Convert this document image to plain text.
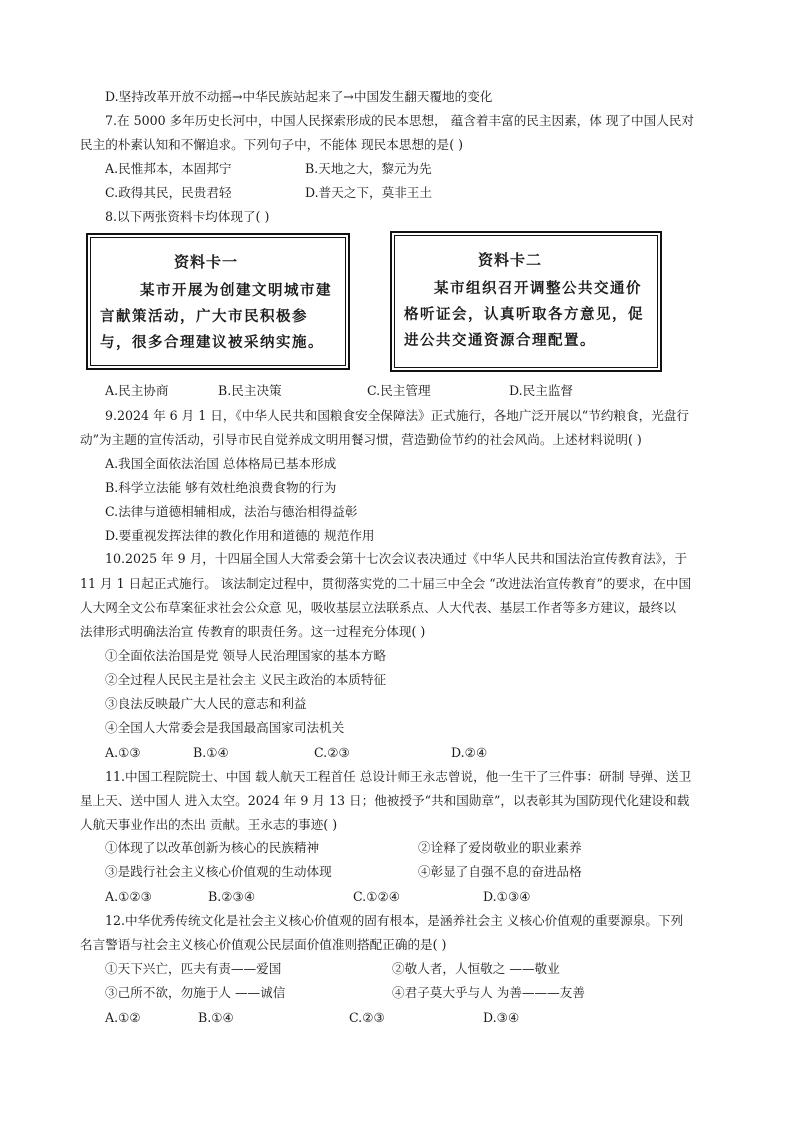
D.坚持改革开放不动摇→中华民族站起来了→中国发生翻天覆地的变化
7.在 5000 多年历史长河中，中国人民探索形成的民本思想， 蕴含着丰富的民主因素，体 现了中国人民对
民主的朴素认知和不懈追求。下列句子中，不能体 现民本思想的是( )
A.民惟邦本，本固邦宁	B.天地之大，黎元为先
C.政得其民，民贵君轻	D.普天之下，莫非王土
8.以下两张资料卡均体现了( )
资料卡一
某市开展为创建文明城市建
言献策活动，广大市民积极参
与，很多合理建议被采纳实施。
资料卡二
某市组织召开调整公共交通价
格听证会，认真听取各方意见，促
进公共交通资源合理配置。
A.民主协商	B.民主决策	C.民主管理	D.民主监督
9.2024 年 6 月 1 日，《中华人民共和国粮食安全保障法》正式施行，各地广泛开展以“节约粮食，光盘行
动”为主题的宣传活动，引导市民自觉养成文明用餐习惯，营造勤俭节约的社会风尚。上述材料说明( )
A.我国全面依法治国 总体格局已基本形成
B.科学立法能 够有效杜绝浪费食物的行为
C.法律与道德相辅相成，法治与德治相得益彰
D.要重视发挥法律的教化作用和道德的 规范作用
10.2025 年 9 月，十四届全国人大常委会第十七次会议表决通过《中华人民共和国法治宣传教育法》，于
11 月 1 日起正式施行。 该法制定过程中，贯彻落实党的二十届三中全会 “改进法治宣传教育”的要求，在中国
人大网全文公布草案征求社会公众意 见，吸收基层立法联系点、人大代表、基层工作者等多方建议，最终以
法律形式明确法治宣 传教育的职责任务。这一过程充分体现( )
①全面依法治国是党 领导人民治理国家的基本方略
②全过程人民民主是社会主 义民主政治的本质特征
③良法反映最广大人民的意志和利益
④全国人大常委会是我国最高国家司法机关
A.①③	B.①④	C.②③	D.②④
11.中国工程院院士、中国 载人航天工程首任 总设计师王永志曾说，他一生干了三件事：研制 导弹、送卫
星上天、送中国人 进入太空。2024 年 9 月 13 日；他被授予“共和国勋章”，以表彰其为国防现代化建设和载
人航天事业作出的杰出 贡献。王永志的事迹( )
①体现了以改革创新为核心的民族精神	②诠释了爱岗敬业的职业素养
③是践行社会主义核心价值观的生动体现	④彰显了自强不息的奋进品格
A.①②③	B.②③④	C.①②④	D.①③④
12.中华优秀传统文化是社会主义核心价值观的固有根本，是涵养社会主 义核心价值观的重要源泉。下列
名言警语与社会主义核心价值观公民层面价值准则搭配正确的是( )
①天下兴亡，匹夫有责——爱国	②敬人者，人恒敬之 ——敬业
③己所不欲，勿施于人 ——诚信	④君子莫大乎与人 为善———友善
A.①②	B.①④	C.②③	D.③④
